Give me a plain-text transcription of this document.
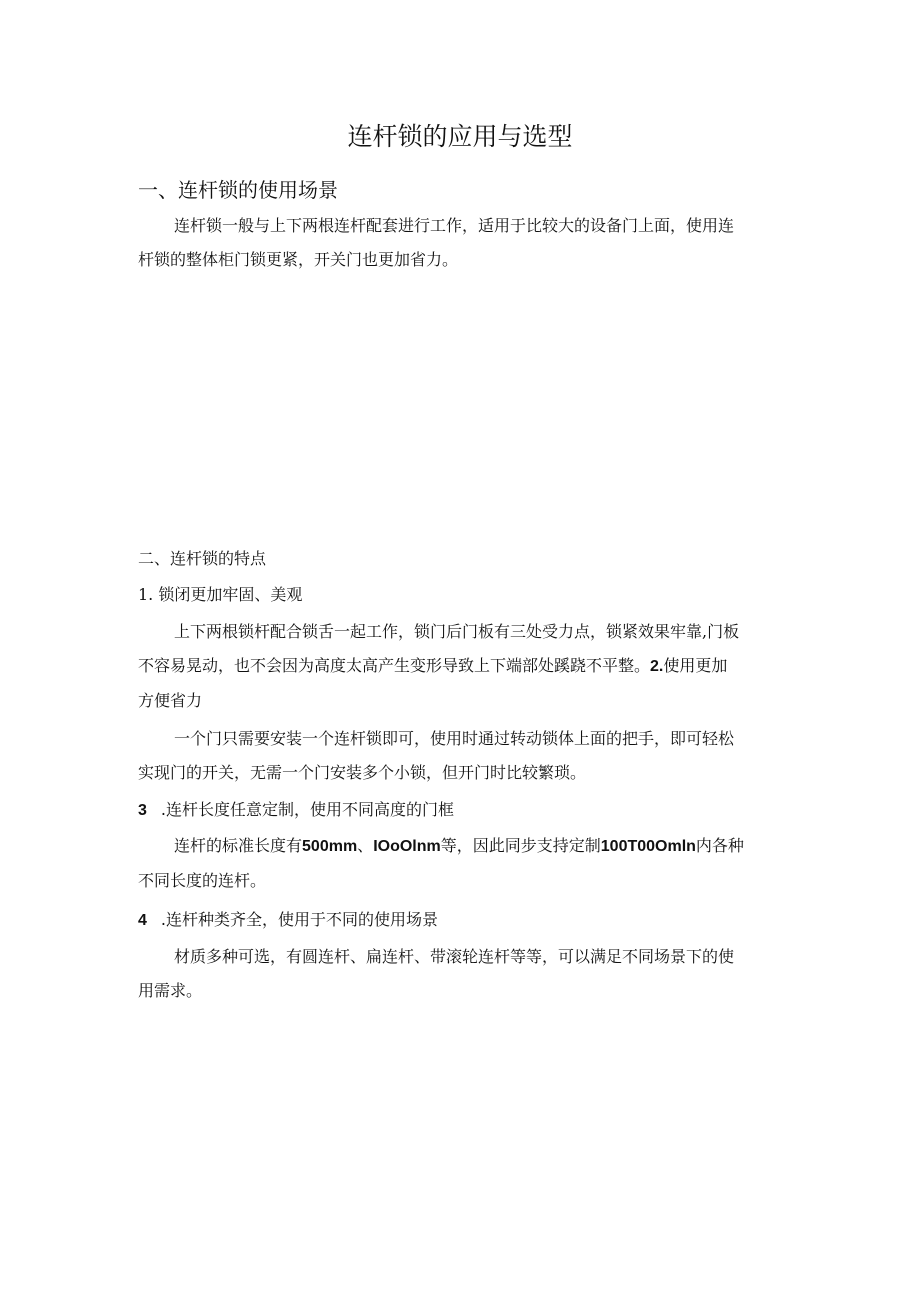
连杆锁的应用与选型
一、连杆锁的使用场景
连杆锁一般与上下两根连杆配套进行工作，适用于比较大的设备门上面，使用连
杆锁的整体柜门锁更紧，开关门也更加省力。
二、连杆锁的特点
1. 锁闭更加牢固、美观
上下两根锁杆配合锁舌一起工作，锁门后门板有三处受力点，锁紧效果牢靠,门板
不容易晃动，也不会因为高度太高产生变形导致上下端部处蹊跷不平整。2.使用更加
方便省力
一个门只需要安装一个连杆锁即可，使用时通过转动锁体上面的把手，即可轻松
实现门的开关，无需一个门安装多个小锁，但开门时比较繁琐。
3 .连杆长度任意定制，使用不同高度的门框
连杆的标准长度有500mm、IOoOlnm等，因此同步支持定制100T00Omln内各种
不同长度的连杆。
4 .连杆种类齐全，使用于不同的使用场景
材质多种可选，有圆连杆、扁连杆、带滚轮连杆等等，可以满足不同场景下的使
用需求。
